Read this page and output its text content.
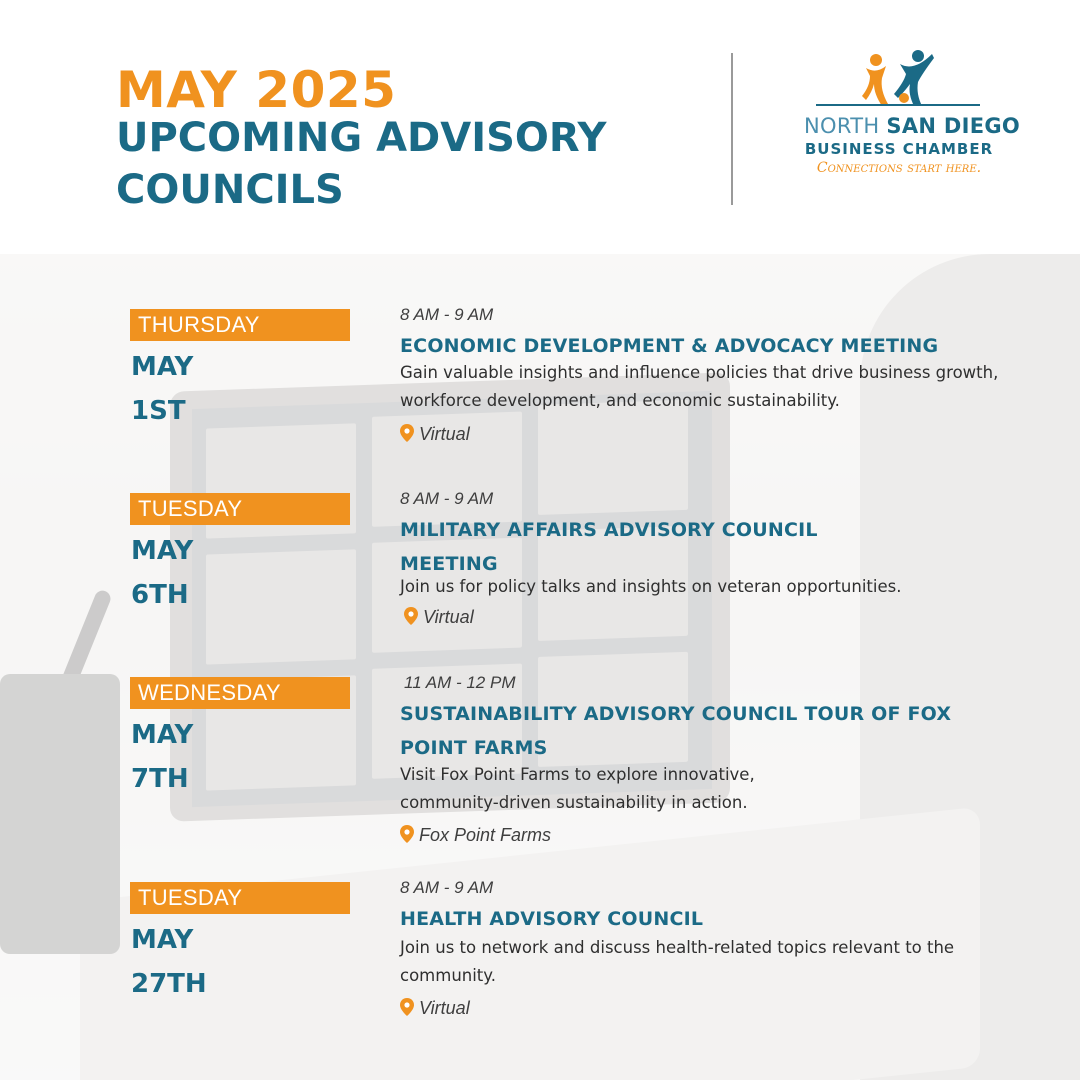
MAY 2025
UPCOMING ADVISORY COUNCILS
NORTH SAN DIEGO
BUSINESS CHAMBER
Connections start here.
THURSDAY
MAY
1ST
8 AM - 9 AM
ECONOMIC DEVELOPMENT & ADVOCACY MEETING
Gain valuable insights and influence policies that drive business growth, workforce development, and economic sustainability.
Virtual
TUESDAY
MAY
6TH
8 AM - 9 AM
MILITARY AFFAIRS ADVISORY COUNCIL MEETING
Join us for policy talks and insights on veteran opportunities.
Virtual
WEDNESDAY
MAY
7TH
11 AM - 12 PM
SUSTAINABILITY ADVISORY COUNCIL TOUR OF FOX POINT FARMS
Visit Fox Point Farms to explore innovative, community-driven sustainability in action.
Fox Point Farms
TUESDAY
MAY
27TH
8 AM - 9 AM
HEALTH ADVISORY COUNCIL
Join us to network and discuss health-related topics relevant to the community.
Virtual
